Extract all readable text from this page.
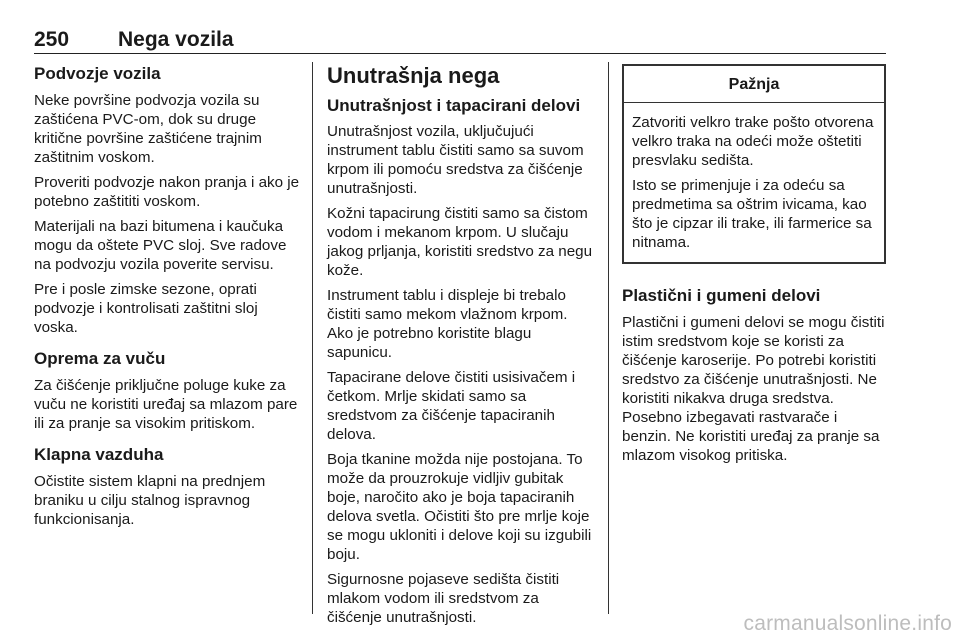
250 Nega vozila
Podvozje vozila

Neke površine podvozja vozila su zaštićena PVC-om, dok su druge kritične površine zaštićene trajnim zaštitnim voskom.

Proveriti podvozje nakon pranja i ako je potebno zaštititi voskom.

Materijali na bazi bitumena i kaučuka mogu da oštete PVC sloj. Sve radove na podvozju vozila poverite servisu.

Pre i posle zimske sezone, oprati podvozje i kontrolisati zaštitni sloj voska.

Oprema za vuču

Za čišćenje priključne poluge kuke za vuču ne koristiti uređaj sa mlazom pare ili za pranje sa visokim pritiskom.

Klapna vazduha

Očistite sistem klapni na prednjem braniku u cilju stalnog ispravnog funkcionisanja.

Unutrašnja nega
Unutrašnjost i tapacirani delovi

Unutrašnjost vozila, uključujući instrument tablu čistiti samo sa suvom krpom ili pomoću sredstva za čišćenje unutrašnjosti.

Kožni tapacirung čistiti samo sa čistom vodom i mekanom krpom. U slučaju jakog prljanja, koristiti sredstvo za negu kože.

Instrument tablu i displeje bi trebalo čistiti samo mekom vlažnom krpom. Ako je potrebno koristite blagu sapunicu.

Tapacirane delove čistiti usisivačem i četkom. Mrlje skidati samo sa sredstvom za čišćenje tapaciranih delova.

Boja tkanine možda nije postojana. To može da prouzrokuje vidljiv gubitak boje, naročito ako je boja tapaciranih delova svetla. Očistiti što pre mrlje koje se mogu ukloniti i delove koji su izgubili boju.

Sigurnosne pojaseve sedišta čistiti mlakom vodom ili sredstvom za čišćenje unutrašnjosti.

Pažnja

Zatvoriti velkro trake pošto otvorena velkro traka na odeći može oštetiti presvlaku sedišta.

Isto se primenjuje i za odeću sa predmetima sa oštrim ivicama, kao što je cipzar ili trake, ili farmerice sa nitnama.

Plastični i gumeni delovi

Plastični i gumeni delovi se mogu čistiti istim sredstvom koje se koristi za čišćenje karoserije. Po potrebi koristiti sredstvo za čišćenje unutrašnjosti. Ne koristiti nikakva druga sredstva. Posebno izbegavati rastvarače i benzin. Ne koristiti uređaj za pranje sa mlazom visokog pritiska.

carmanualsonline.info
